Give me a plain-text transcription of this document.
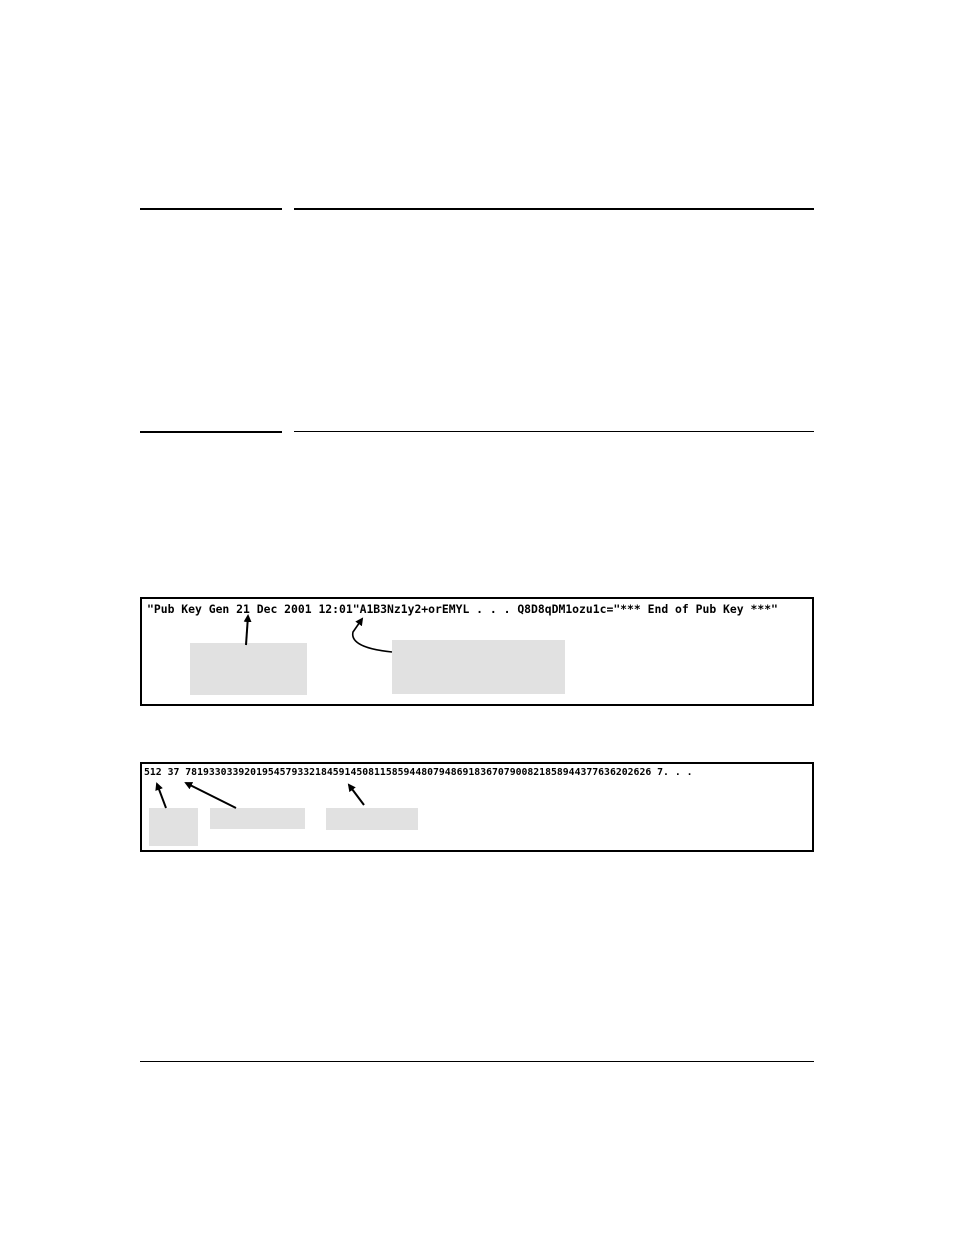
"Pub Key Gen 21 Dec 2001 12:01"A1B3Nz1y2+orEMYL . . . Q8D8qDM1ozu1c="*** End of Pub Key ***"
512 37 7819330339201954579332184591450811585944807948691836707900821858944377636202626 7. . .
